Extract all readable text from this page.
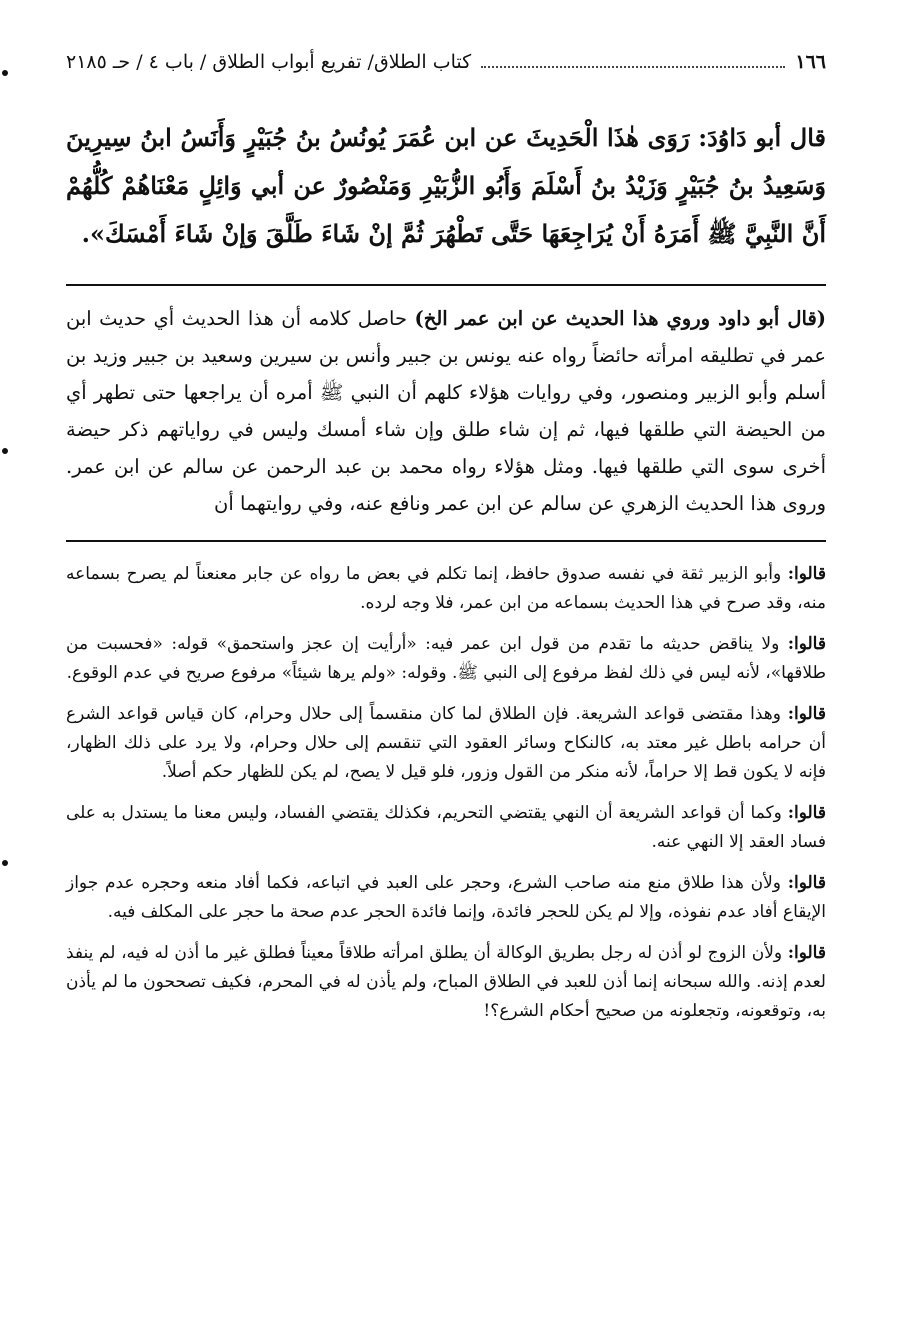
١٦٦
كتاب الطلاق/ تفريع أبواب الطلاق / باب ٤ / حـ ٢١٨٥
قال أبو دَاوُدَ: رَوَى هٰذَا الْحَدِيثَ عن ابن عُمَرَ يُونُسُ بنُ جُبَيْرٍ وَأَنَسُ ابنُ سِيرِينَ وَسَعِيدُ بنُ جُبَيْرٍ وَزَيْدُ بنُ أَسْلَمَ وَأَبُو الزُّبَيْرِ وَمَنْصُورٌ عن أبي وَائِلٍ مَعْنَاهُمْ كُلُّهُمْ أَنَّ النَّبِيَّ ﷺ أَمَرَهُ أَنْ يُرَاجِعَهَا حَتَّى تَطْهُرَ ثُمَّ إنْ شَاءَ طَلَّقَ وَإنْ شَاءَ أَمْسَكَ».
(قال أبو داود وروي هذا الحديث عن ابن عمر الخ) حاصل كلامه أن هذا الحديث أي حديث ابن عمر في تطليقه امرأته حائضاً رواه عنه يونس بن جبير وأنس بن سيرين وسعيد بن جبير وزيد بن أسلم وأبو الزبير ومنصور، وفي روايات هؤلاء كلهم أن النبي ﷺ أمره أن يراجعها حتى تطهر أي من الحيضة التي طلقها فيها، ثم إن شاء طلق وإن شاء أمسك وليس في رواياتهم ذكر حيضة أخرى سوى التي طلقها فيها. ومثل هؤلاء رواه محمد بن عبد الرحمن عن سالم عن ابن عمر. وروى هذا الحديث الزهري عن سالم عن ابن عمر ونافع عنه، وفي روايتهما أن

قالوا: وأبو الزبير ثقة في نفسه صدوق حافظ، إنما تكلم في بعض ما رواه عن جابر معنعناً لم يصرح بسماعه منه، وقد صرح في هذا الحديث بسماعه من ابن عمر، فلا وجه لرده.

قالوا: ولا يناقض حديثه ما تقدم من قول ابن عمر فيه: «أرأيت إن عجز واستحمق» قوله: «فحسبت من طلاقها»، لأنه ليس في ذلك لفظ مرفوع إلى النبي ﷺ. وقوله: «ولم يرها شيئاً» مرفوع صريح في عدم الوقوع.

قالوا: وهذا مقتضى قواعد الشريعة. فإن الطلاق لما كان منقسماً إلى حلال وحرام، كان قياس قواعد الشرع أن حرامه باطل غير معتد به، كالنكاح وسائر العقود التي تنقسم إلى حلال وحرام، ولا يرد على ذلك الظهار، فإنه لا يكون قط إلا حراماً، لأنه منكر من القول وزور، فلو قيل لا يصح، لم يكن للظهار حكم أصلاً.

قالوا: وكما أن قواعد الشريعة أن النهي يقتضي التحريم، فكذلك يقتضي الفساد، وليس معنا ما يستدل به على فساد العقد إلا النهي عنه.

قالوا: ولأن هذا طلاق منع منه صاحب الشرع، وحجر على العبد في اتباعه، فكما أفاد منعه وحجره عدم جواز الإيقاع أفاد عدم نفوذه، وإلا لم يكن للحجر فائدة، وإنما فائدة الحجر عدم صحة ما حجر على المكلف فيه.

قالوا: ولأن الزوج لو أذن له رجل بطريق الوكالة أن يطلق امرأته طلاقاً معيناً فطلق غير ما أذن له فيه، لم ينفذ لعدم إذنه. والله سبحانه إنما أذن للعبد في الطلاق المباح، ولم يأذن له في المحرم، فكيف تصححون ما لم يأذن به، وتوقعونه، وتجعلونه من صحيح أحكام الشرع؟!
